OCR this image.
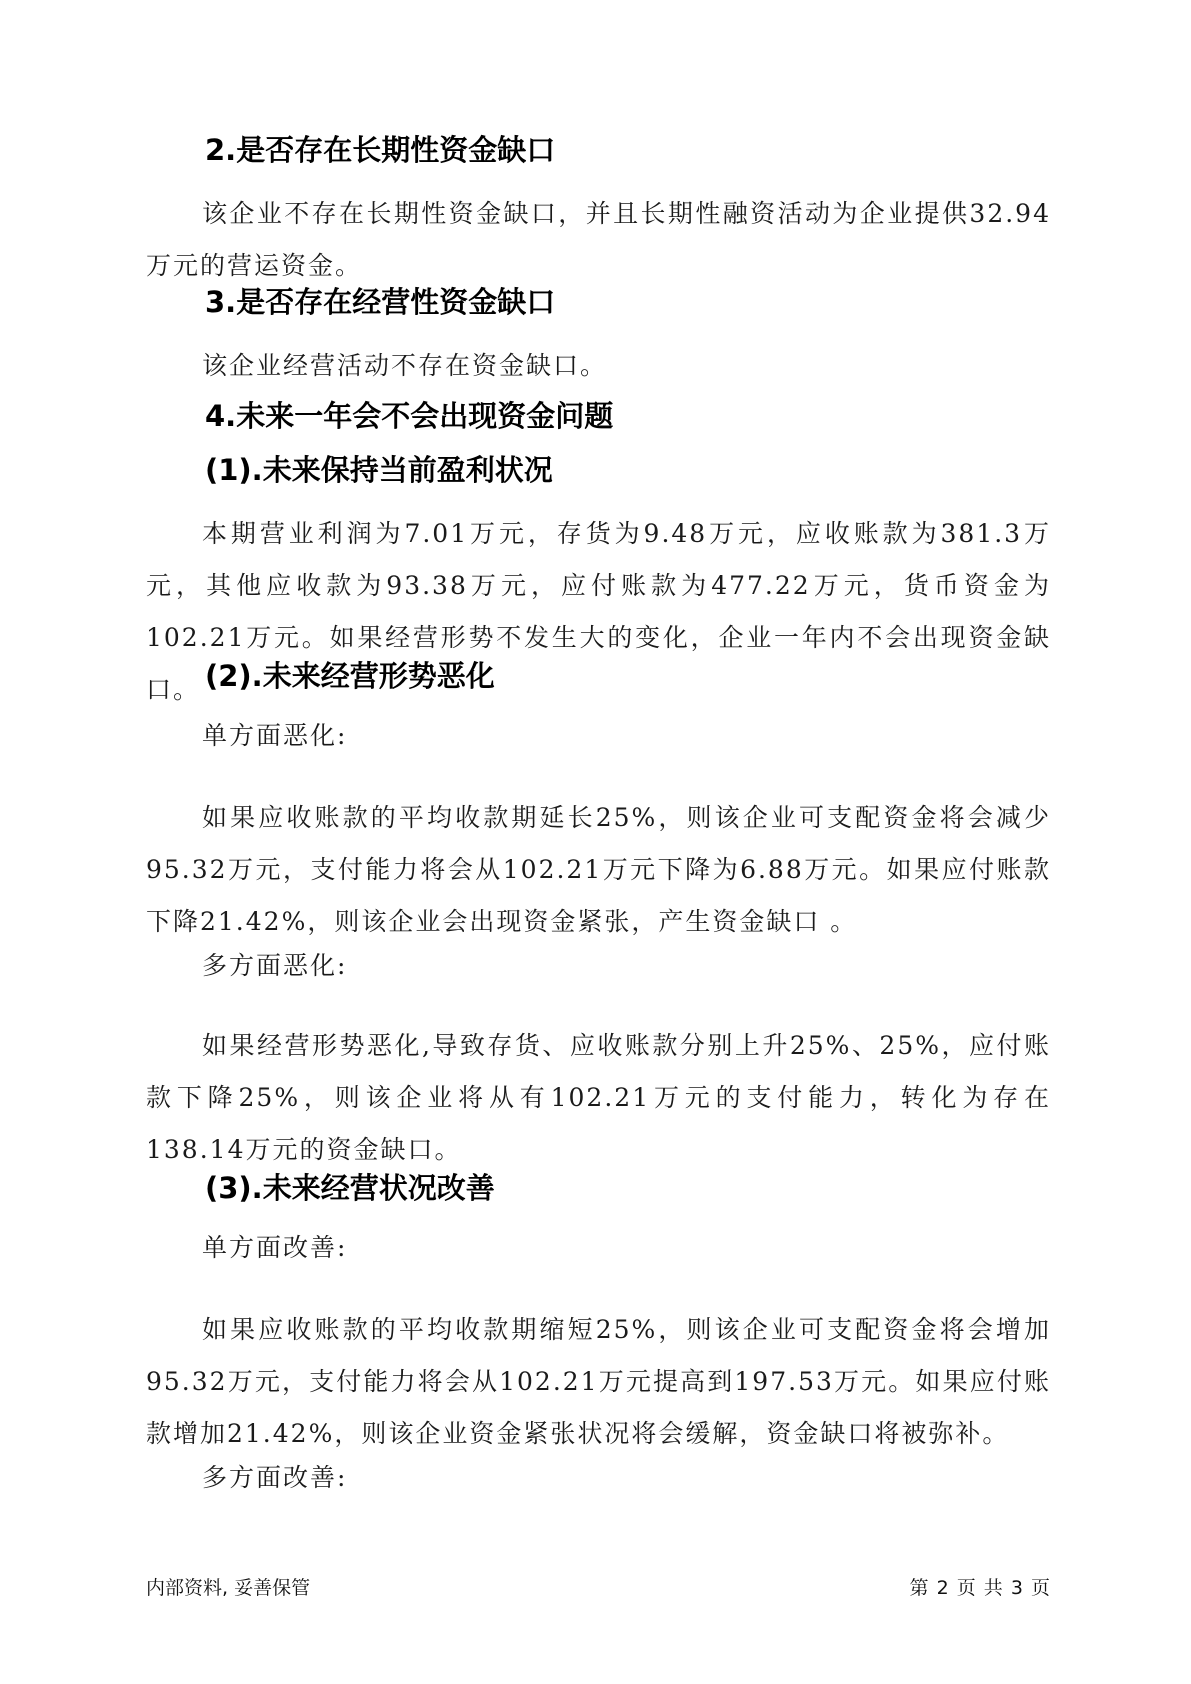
2.是否存在长期性资金缺口

该企业不存在长期性资金缺口，并且长期性融资活动为企业提供32.94万元的营运资金。

3.是否存在经营性资金缺口

该企业经营活动不存在资金缺口。

4.未来一年会不会出现资金问题
(1).未来保持当前盈利状况

本期营业利润为7.01万元，存货为9.48万元，应收账款为381.3万元，其他应收款为93.38万元，应付账款为477.22万元，货币资金为102.21万元。如果经营形势不发生大的变化，企业一年内不会出现资金缺口。 (2).未来经营形势恶化

单方面恶化:

如果应收账款的平均收款期延长25%，则该企业可支配资金将会减少95.32万元，支付能力将会从102.21万元下降为6.88万元。如果应付账款下降21.42%，则该企业会出现资金紧张，产生资金缺口 。

多方面恶化:

如果经营形势恶化,导致存货、应收账款分别上升25%、25%，应付账款下降25%，则该企业将从有102.21万元的支付能力，转化为存在138.14万元的资金缺口。

(3).未来经营状况改善

单方面改善:

如果应收账款的平均收款期缩短25%，则该企业可支配资金将会增加95.32万元，支付能力将会从102.21万元提高到197.53万元。如果应付账款增加21.42%，则该企业资金紧张状况将会缓解，资金缺口将被弥补。

多方面改善:

内部资料, 妥善保管	第 2 页 共 3 页
